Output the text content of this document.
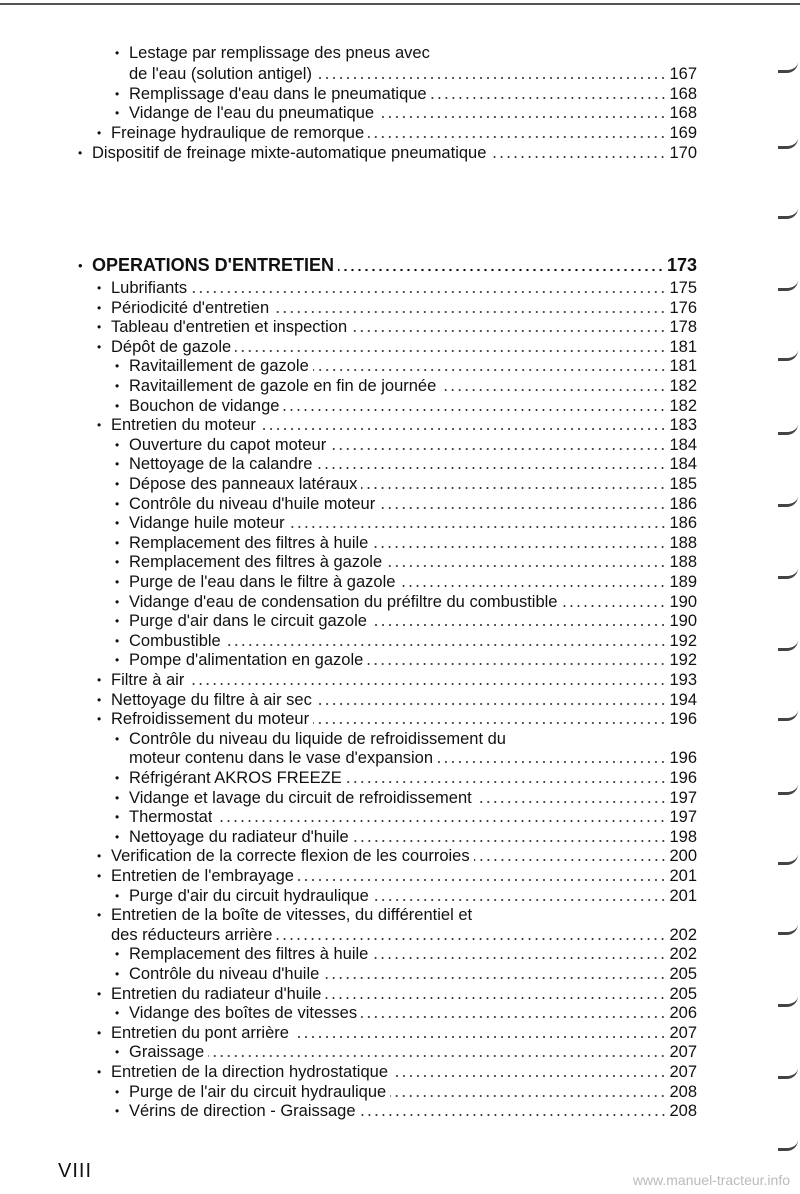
• Lestage par remplissage des pneus avec
de l'eau (solution antigel)	167
• Remplissage d'eau dans le pneumatique	168
• Vidange de l'eau du pneumatique	168
• Freinage hydraulique de remorque	169
• Dispositif de freinage mixte-automatique pneumatique	170
• OPERATIONS D'ENTRETIEN	173
• Lubrifiants	175
• Périodicité d'entretien	176
• Tableau d'entretien et inspection	178
• Dépôt de gazole	181
• Ravitaillement de gazole	181
• Ravitaillement de gazole en fin de journée	182
• Bouchon de vidange	182
• Entretien du moteur	183
• Ouverture du capot moteur	184
• Nettoyage de la calandre	184
• Dépose des panneaux latéraux	185
• Contrôle du niveau d'huile moteur	186
• Vidange huile moteur	186
• Remplacement des filtres à huile	188
• Remplacement des filtres à gazole	188
• Purge de l'eau dans le filtre à gazole	189
• Vidange d'eau de condensation du préfiltre du combustible	190
• Purge d'air dans le circuit gazole	190
• Combustible	192
• Pompe d'alimentation en gazole	192
• Filtre à air	193
• Nettoyage du filtre à air sec	194
• Refroidissement du moteur	196
• Contrôle du niveau du liquide de refroidissement du
moteur contenu dans le vase d'expansion	196
• Réfrigérant AKROS FREEZE	196
• Vidange et lavage du circuit de refroidissement	197
• Thermostat	197
• Nettoyage du radiateur d'huile	198
• Verification de la correcte flexion de les courroies	200
• Entretien de l'embrayage	201
• Purge d'air du circuit hydraulique	201
• Entretien de la boîte de vitesses, du différentiel et
des réducteurs arrière	202
• Remplacement des filtres à huile	202
• Contrôle du niveau d'huile	205
• Entretien du radiateur d'huile	205
• Vidange des boîtes de vitesses	206
• Entretien du pont arrière	207
• Graissage	207
• Entretien de la direction hydrostatique	207
• Purge de l'air du circuit hydraulique	208
• Vérins de direction - Graissage	208
VIII	www.manuel-tracteur.info
